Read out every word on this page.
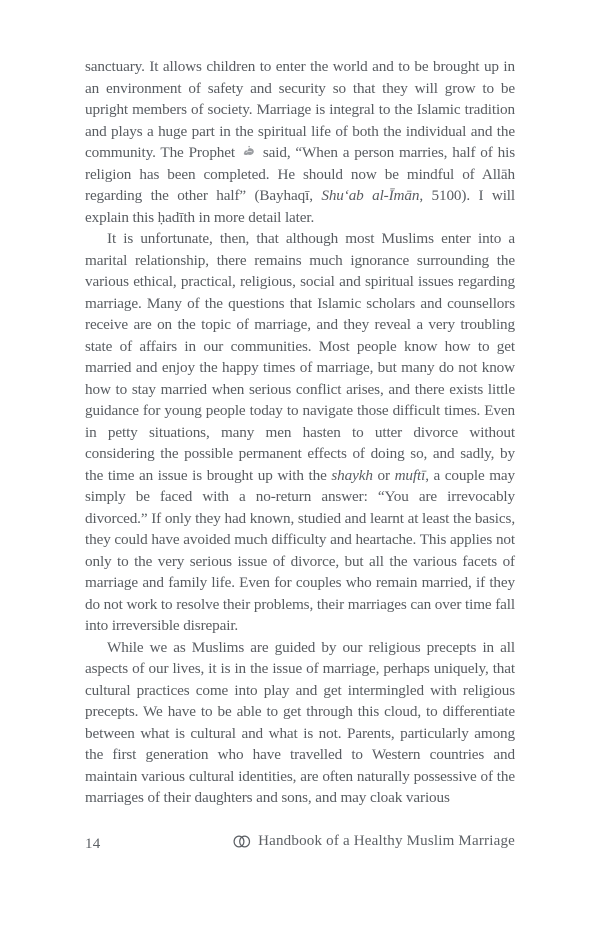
sanctuary. It allows children to enter the world and to be brought up in an environment of safety and security so that they will grow to be upright members of society. Marriage is integral to the Islamic tradition and plays a huge part in the spiritual life of both the individual and the community. The Prophet said, “When a person marries, half of his religion has been completed. He should now be mindful of Allāh regarding the other half” (Bayhaqī, Shu‘ab al-Īmān, 5100). I will explain this ḥadīth in more detail later.

It is unfortunate, then, that although most Muslims enter into a marital relationship, there remains much ignorance surrounding the various ethical, practical, religious, social and spiritual issues regarding marriage. Many of the questions that Islamic scholars and counsellors receive are on the topic of marriage, and they reveal a very troubling state of affairs in our communities. Most people know how to get married and enjoy the happy times of marriage, but many do not know how to stay married when serious conflict arises, and there exists little guidance for young people today to navigate those difficult times. Even in petty situations, many men hasten to utter divorce without considering the possible permanent effects of doing so, and sadly, by the time an issue is brought up with the shaykh or muftī, a couple may simply be faced with a no-return answer: “You are irrevocably divorced.” If only they had known, studied and learnt at least the basics, they could have avoided much difficulty and heartache. This applies not only to the very serious issue of divorce, but all the various facets of marriage and family life. Even for couples who remain married, if they do not work to resolve their problems, their marriages can over time fall into irreversible disrepair.

While we as Muslims are guided by our religious precepts in all aspects of our lives, it is in the issue of marriage, perhaps uniquely, that cultural practices come into play and get intermingled with religious precepts. We have to be able to get through this cloud, to differentiate between what is cultural and what is not. Parents, particularly among the first generation who have travelled to Western countries and maintain various cultural identities, are often naturally possessive of the marriages of their daughters and sons, and may cloak various

14	Handbook of a Healthy Muslim Marriage
